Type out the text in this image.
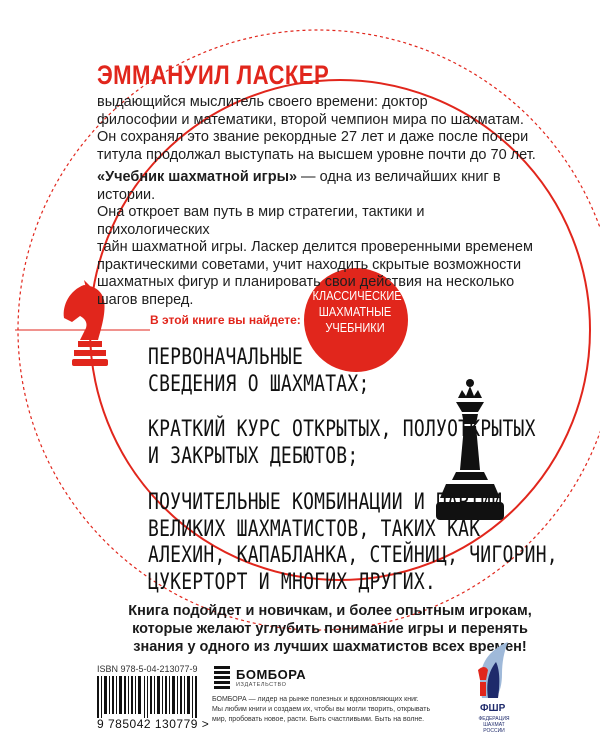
ЭММАНУИЛ ЛАСКЕР
выдающийся мыслитель своего времени: доктор
философии и математики, второй чемпион мира по шахматам.
Он сохранял это звание рекордные 27 лет и даже после потери
титула продолжал выступать на высшем уровне почти до 70 лет.
«Учебник шахматной игры» — одна из величайших книг в истории.
Она откроет вам путь в мир стратегии, тактики и психологических
тайн шахматной игры. Ласкер делится проверенными временем
практическими советами, учит находить скрытые возможности
шахматных фигур и планировать свои действия на несколько
шагов вперед.	КЛАССИЧЕСКИЕ
ШАХМАТНЫЕ
УЧЕБНИКИ
В этой книге вы найдете:
ПЕРВОНАЧАЛЬНЫЕ
СВЕДЕНИЯ О ШАХМАТАХ;
КРАТКИЙ КУРС ОТКРЫТЫХ, ПОЛУОТКРЫТЫХ
И ЗАКРЫТЫХ ДЕБЮТОВ;
ПОУЧИТЕЛЬНЫЕ КОМБИНАЦИИ И ПАРТИИ
ВЕЛИКИХ ШАХМАТИСТОВ, ТАКИХ КАК
АЛЕХИН, КАПАБЛАНКА, СТЕЙНИЦ, ЧИГОРИН,
ЦУКЕРТОРТ И МНОГИХ ДРУГИХ.
Книга подойдет и новичкам, и более опытным игрокам,
которые желают углубить понимание игры и перенять
знания у одного из лучших шахматистов всех времен!
ISBN 978-5-04-213077-9
9 785042 130779 >
БОМБОРА
ИЗДАТЕЛЬСТВО
БОМБОРА — лидер на рынке полезных и вдохновляющих книг.
Мы любим книги и создаем их, чтобы вы могли творить, открывать
мир, пробовать новое, расти. Быть счастливыми. Быть на волне.
ФШР
ФЕДЕРАЦИЯ
ШАХМАТ
РОССИИ
